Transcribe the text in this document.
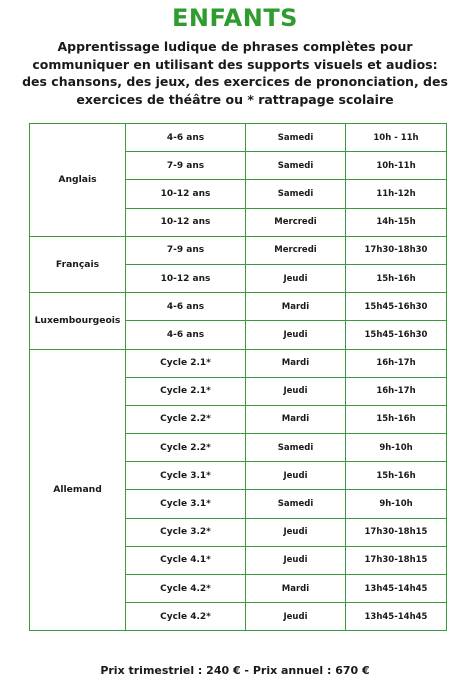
ENFANTS
Apprentissage ludique de phrases complètes pour
communiquer en utilisant des supports visuels et audios:
des chansons, des jeux, des exercices de prononciation, des
exercices de théâtre ou * rattrapage scolaire
Anglais	4-6 ans	Samedi	10h - 11h
	7-9 ans	Samedi	10h-11h
	10-12 ans	Samedi	11h-12h
	10-12 ans	Mercredi	14h-15h
Français	7-9 ans	Mercredi	17h30-18h30
	10-12 ans	Jeudi	15h-16h
Luxembourgeois	4-6 ans	Mardi	15h45-16h30
	4-6 ans	Jeudi	15h45-16h30
Allemand	Cycle 2.1*	Mardi	16h-17h
	Cycle 2.1*	Jeudi	16h-17h
	Cycle 2.2*	Mardi	15h-16h
	Cycle 2.2*	Samedi	9h-10h
	Cycle 3.1*	Jeudi	15h-16h
	Cycle 3.1*	Samedi	9h-10h
	Cycle 3.2*	Jeudi	17h30-18h15
	Cycle 4.1*	Jeudi	17h30-18h15
	Cycle 4.2*	Mardi	13h45-14h45
	Cycle 4.2*	Jeudi	13h45-14h45
Prix trimestriel : 240 € - Prix annuel : 670 €
